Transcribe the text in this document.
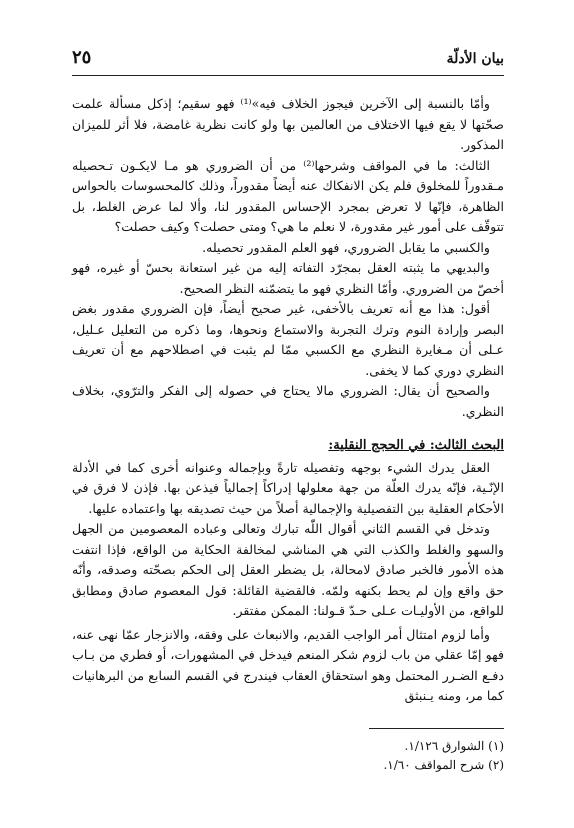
بيان الأدلّة
٢٥

وأمّا بالنسبة إلى الآخرين فيجوز الخلاف فيه»⁽¹⁾ فهو سقيم؛ إذكل مسألة علمت صحّتها لا يقع فيها الاختلاف من العالمين بها ولو كانت نظرية غامضة، فلا أثر للميزان المذكور.

الثالث: ما في المواقف وشرحها⁽²⁾ من أن الضروري هو مـا لايكـون تـحصيله مـقدوراً للمخلوق فلم يكن الانفكاك عنه أيضاً مقدوراً، وذلك كالمحسوسات بالحواس الظاهرة، فإنّها لا تعرض بمجرد الإحساس المقدور لنا، وألا لما عرض الغلط، بل تتوقّف على أمور غير مقدورة، لا نعلم ما هي؟ ومتى حصلت؟ وكيف حصلت؟

والكسبي ما يقابل الضروري، فهو العلم المقدور تحصيله.

والبديهي ما يثبته العقل بمجرّد التفاته إليه من غير استعانة بحسّ أو غيره، فهو أخصّ من الضروري. وأمّا النظري فهو ما يتضمّنه النظر الصحيح.

أقول: هذا مع أنه تعريف بالأخفى، غير صحيح أيضاً، فإن الضروري مقدور بغض البصر وإرادة النوم وترك التجربة والاستماع ونحوها، وما ذكره من التعليل عـليل، عـلى أن مـغايرة النظري مع الكسبي ممّا لم يثبت في اصطلاحهم مع أن تعريف النظري دوري كما لا يخفى.

والصحيح أن يقال: الضروري مالا يحتاج في حصوله إلى الفكر والترّوي، بخلاف النظري.

البحث الثالث: في الحجج النقلية:

العقل يدرك الشيء بوجهه وتفصيله تارةً وبإجماله وعنوانه أخرى كما في الأدلة الإنّـية، فإنّه يدرك العلّة من جهة معلولها إدراكاً إجمالياً فيذعن بها. فإذن لا فرق في الأحكام العقلية بين التفصيلية والإجمالية أصلاً من حيث تصديقه بها واعتماده عليها.

وتدخل في القسم الثاني أقوال اللّٰه تبارك وتعالى وعباده المعصومين من الجهل والسهو والغلط والكذب التي هي المناشي لمخالفة الحكاية من الواقع، فإذا انتفت هذه الأمور فالخبر صادق لامحالة، بل يضطر العقل إلى الحكم بصحّته وصدقه، وأنّه حق واقع وإن لم يحط بكنهه ولمّه. فالقضية القائلة: قول المعصوم صادق ومطابق للواقع، من الأوليـات عـلى حـدّ قـولنا: الممكن مفتقر.

وأما لزوم امتثال أمر الواجب القديم، والانبعاث على وفقه، والانزجار عمّا نهى عنه، فهو إمّا عقلي من باب لزوم شكر المنعم فيدخل في المشهورات، أو فطري من بـاب دفـع الضـرر المحتمل وهو استحقاق العقاب فيندرج في القسم السابع من البرهانيات كما مر، ومنه يـنبثق

(١) الشوارق ١/١٢٦.

(٢) شرح المواقف ١/٦٠.
